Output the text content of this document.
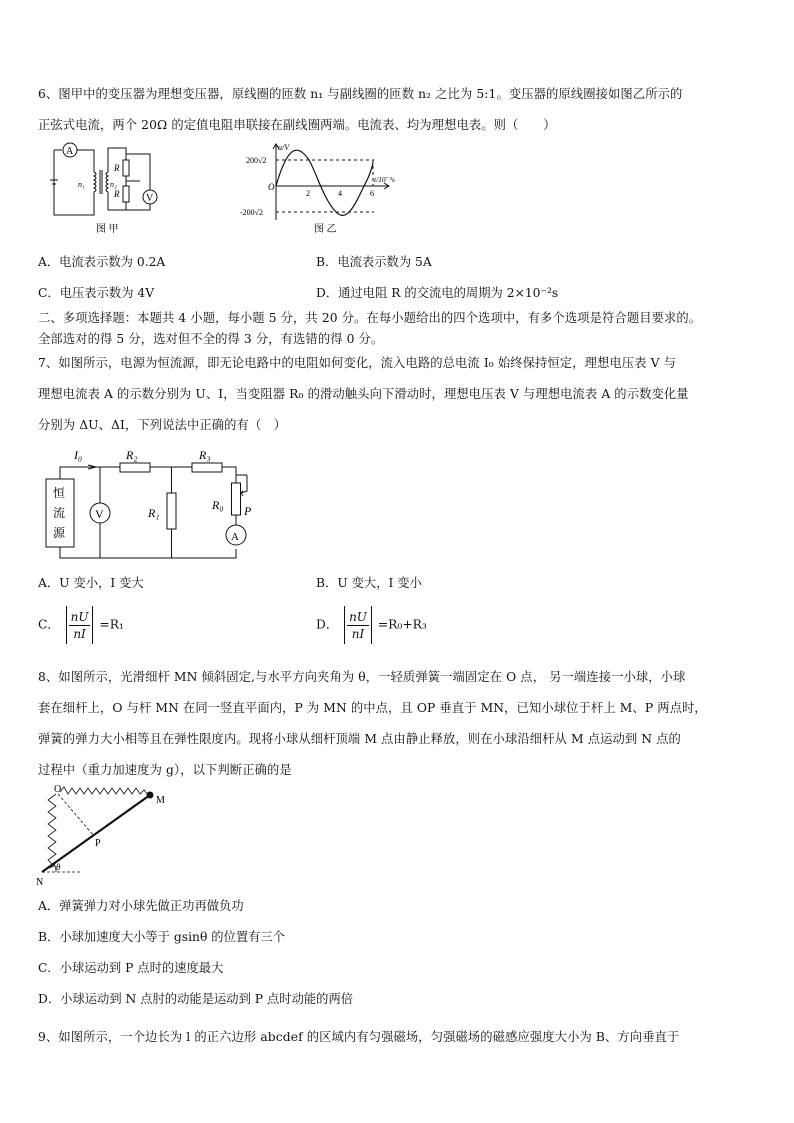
6、图甲中的变压器为理想变压器，原线圈的匝数 n₁ 与副线圈的匝数 n₂ 之比为 5:1。变压器的原线圈接如图乙所示的
正弦式电流，两个 20Ω 的定值电阻串联接在副线圈两端。电流表、均为理想电表。则（　　）
A
V
n₁	n₂
R
R
图 甲
u/V
t/10⁻²s
200√2
-200√2
O
2	4	6
图 乙
A．电流表示数为 0.2A	B．电流表示数为 5A
C．电压表示数为 4V	D．通过电阻 R 的交流电的周期为 2×10⁻²s
二、多项选择题：本题共 4 小题，每小题 5 分，共 20 分。在每小题给出的四个选项中，有多个选项是符合题目要求的。
全部选对的得 5 分，选对但不全的得 3 分，有选错的得 0 分。
7、如图所示，电源为恒流源，即无论电路中的电阻如何变化，流入电路的总电流 I₀ 始终保持恒定，理想电压表 V 与
理想电流表 A 的示数分别为 U、I，当变阻器 R₀ 的滑动触头向下滑动时，理想电压表 V 与理想电流表 A 的示数变化量
分别为 ΔU、ΔI，下列说法中正确的有（　）
I₀	R₂	R₃
R₁
R₀ P
恒
流
源
V
A
A．U 变小，I 变大	B．U 变大，I 变小
C． $\frac{nU}{nI} =R_1$	D． $\frac{nU}{nI} =R_0+R_3$
8、如图所示，光滑细杆 MN 倾斜固定,与水平方向夹角为 θ，一轻质弹簧一端固定在 O 点， 另一端连接一小球，小球
套在细杆上，O 与杆 MN 在同一竖直平面内，P 为 MN 的中点，且 OP 垂直于 MN，已知小球位于杆上 M、P 两点时，
弹簧的弹力大小相等且在弹性限度内。现将小球从细杆顶端 M 点由静止释放，则在小球沿细杆从 M 点运动到 N 点的
过程中（重力加速度为 g），以下判断正确的是
O
M
P
N
θ
A．弹簧弹力对小球先做正功再做负功
B．小球加速度大小等于 gsinθ 的位置有三个
C．小球运动到 P 点时的速度最大
D．小球运动到 N 点肘的动能是运动到 P 点时动能的两倍
9、如图所示，一个边长为 l 的正六边形 abcdef 的区域内有匀强磁场，匀强磁场的磁感应强度大小为 B、方向垂直于
